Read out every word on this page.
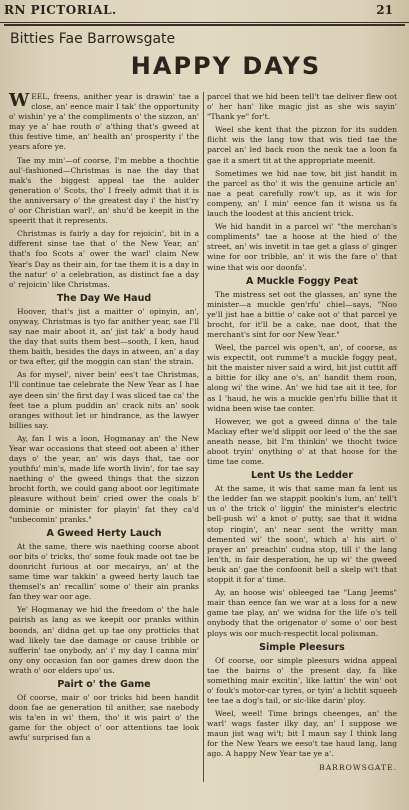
RN PICTORIAL.	21
Bitties Fae Barrowsgate
HAPPY DAYS

WEEL, freens, anither year is drawin' tae a close, an' eence mair I tak' the opportunity o' wishin' ye a' the compliments o' the sizzon, an' may ye a' hae routh o' a'thing that's gweed at this festive time, an' health an' prosperity i' the years afore ye.

Tae my min'—of coorse, I'm mebbe a thochtie aul'-fashioned—Christmas is nae the day that mak's the biggest appeal tae the aulder generation o' Scots, tho' I freely admit that it is the anniversary o' the greatest day i' the hist'ry o' oor Christian warl', an' shu'd be keepit in the speerit that it represents.

Christmas is fairly a day for rejoicin', bit in a different sinse tae that o' the New Year, an' that's foo Scots a' ower the warl' claim New Year's Day as their ain, for tae them it is a day in the natur' o' a celebration, as distinct fae a day o' rejoicin' like Christmas.

The Day We Haud

Hoover, that's jist a maitter o' opinyin, an', onyway, Christmas is tyo far anither year, sae I'll say nae mair aboot it, an' jist tak' a body haud the day that suits them best—sooth, I ken, haud them baith, besides the days in atween, an' a day or twa efter, gif the moggin can stan' the strain.

As for mysel', niver bein' ees't tae Christmas, I'll continue tae celebrate the New Year as I hae aye deen sin' the first day I was sliced tae ca' the feet tae a plum puddin an' crack nits an' sook oranges without let or hindrance, as the lawyer billies say.

Ay, fan I wis a loon, Hogmanay an' the New Year war occasions that steed oot abeen a' ither days o' the year, an' wis days that, tae oor youthfu' min's, made life worth livin', for tae say naething o' the gweed things that the sizzon brocht forth, we could gang aboot oor legitimate pleasure without bein' cried ower the coals b' dominie or minister for playin' fat they ca'd "unbecomin' pranks."

A Gweed Herty Lauch

At the same, there wis naething coorse aboot oor bits o' tricks, tho' some fouk made oot tae be doonricht furious at oor mecairys, an' at the same time war takkin' a gweed herty lauch tae themsel's an' recallin' some o' their ain pranks fan they war oor age.

Ye' Hogmanay we hid the freedom o' the hale pairish as lang as we keepit oor pranks within boonds, an' didna get up tae ony protticks that wad likely tae dae damage or cause tribble or sufferin' tae onybody, an' i' my day I canna min' ony ony occasion fan oor games drew doon the wrath o' oor elders upo' us.

Pairt o' the Game

Of coorse, mair o' oor tricks hid been handit doon fae ae generation til anither, sae naebody wis ta'en in wi' them, tho' it wis pairt o' the game for the object o' oor attentions tae look awfu' surprised fan a

parcel that we hid been tell't tae deliver flew oot o' her han' like magic jist as she wis sayin' "Thank ye" for't.

Weel she kent that the pizzon for its sudden flicht wis the lang tow that wis tied tae the parcel an' led back roon the neuk tae a loon fa gae it a smert tit at the appropriate meenit.

Sometimes we hid nae tow, bit jist handit in the parcel as tho' it wis the genuine article an' nae a peat carefully row't up, as it wis for compeny, an' I min' eence fan it wisna us fa lauch the loodest at this ancient trick.

We hid handit in a parcel wi' "the merchan's compliments" tae a hoose at the hied o' the street, an' wis invetit in tae get a glass o' ginger wine for oor tribble, an' it wis the fare o' that wine that wis oor doonfa'.

A Muckle Foggy Peat

The mistress set oot the glasses, an' syne the minister—a muckle gen'rfu' chiel—says, "Noo ye'll jist hae a bittie o' cake oot o' that parcel ye brocht, for it'll be a cake, nae doot, that the merchant's sint for oor New Year."

Weel, the parcel wis open't, an', of coorse, as wis expectit, oot rumme't a muckle foggy peat, bit the maister niver said a wird, bit jist cuttit aff a bittie for ilky ane o's, an' handit them roon, along wi' the wine. An' we hid tae ait it tee, for as I 'haud, he wis a muckle gen'rfu billie that it widna been wise tae conter.

However, we got a gweed dinna o' the tale Mackay efter we'd slippit oor leed o' the the sae aneath nease, bit I'm thinkin' we thocht twice aboot tryin' onything o' at that hoose for the time tae come.

Lent Us the Ledder

At the same, it wis that same man fa lent us the ledder fan we stappit pookin's lum, an' tell't us o' the trick o' liggin' the minister's electric bell-push wi' a knot o' putty, sae that it widna stop ringin', an' near sent the writty man demented wi' the soon', which a' his airt o' prayer an' preachin' cudna stop, till i' the lang len'th, in fair desperation, he up wi' the gweed beuk an' gae the confoonit bell a skelp wi't that stoppit it for a' time.

Ay, an hoose wis' obleeged tae "Lang Jeems" mair than eence fan we war at a loss for a new game tae play, an' we widna for the life o's tell onybody that the origenator o' some o' oor best ploys wis oor much-respectit local polisman.

Simple Pleesurs

Of coorse, oor simple pleesurs widna appeal tae the bairns o' the present day, fa like something mair excitin', like lattin' the win' oot o' fouk's motor-car tyres, or tyin' a lichtit squeeb tee tae a dog's tail, or sic-like darin' ploy.

Weel, weel! Time brings cheenges, an' the warl' wags faster ilky day, an' I suppose we maun jist wag wi't; bit I maun say I think lang for the New Years we eeso't tae haud lang, lang ago. A happy New Year tae ye a'.

BARROWSGATE.
